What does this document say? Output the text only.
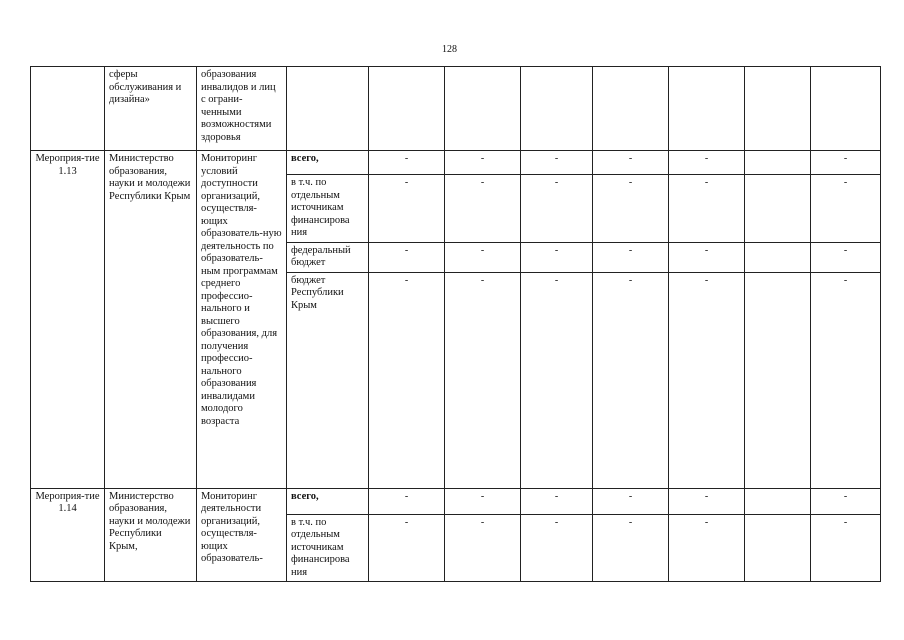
128
	сферы обслуживания и дизайна»	образования инвалидов и лиц с ограни-ченными возможностями здоровья								
Мероприя-тие 1.13	Министерство образования, науки и молодежи Республики Крым	Мониторинг условий доступности организаций, осуществля-ющих образователь-ную деятельность по образователь-ным программам среднего профессио-нального и высшего образования, для получения профессио-нального образования инвалидами молодого возраста	всего,	-	-	-	-	-		-
			в т.ч. по отдельным источникам финансирова ния	-	-	-	-	-		-
			федеральный бюджет	-	-	-	-	-		-
			бюджет Республики Крым	-	-	-	-	-		-
Мероприя-тие 1.14	Министерство образования, науки и молодежи Республики Крым,	Мониторинг деятельности организаций, осуществля-ющих образователь-	всего,	-	-	-	-	-		-
			в т.ч. по отдельным источникам финансирова ния	-	-	-	-	-		-
